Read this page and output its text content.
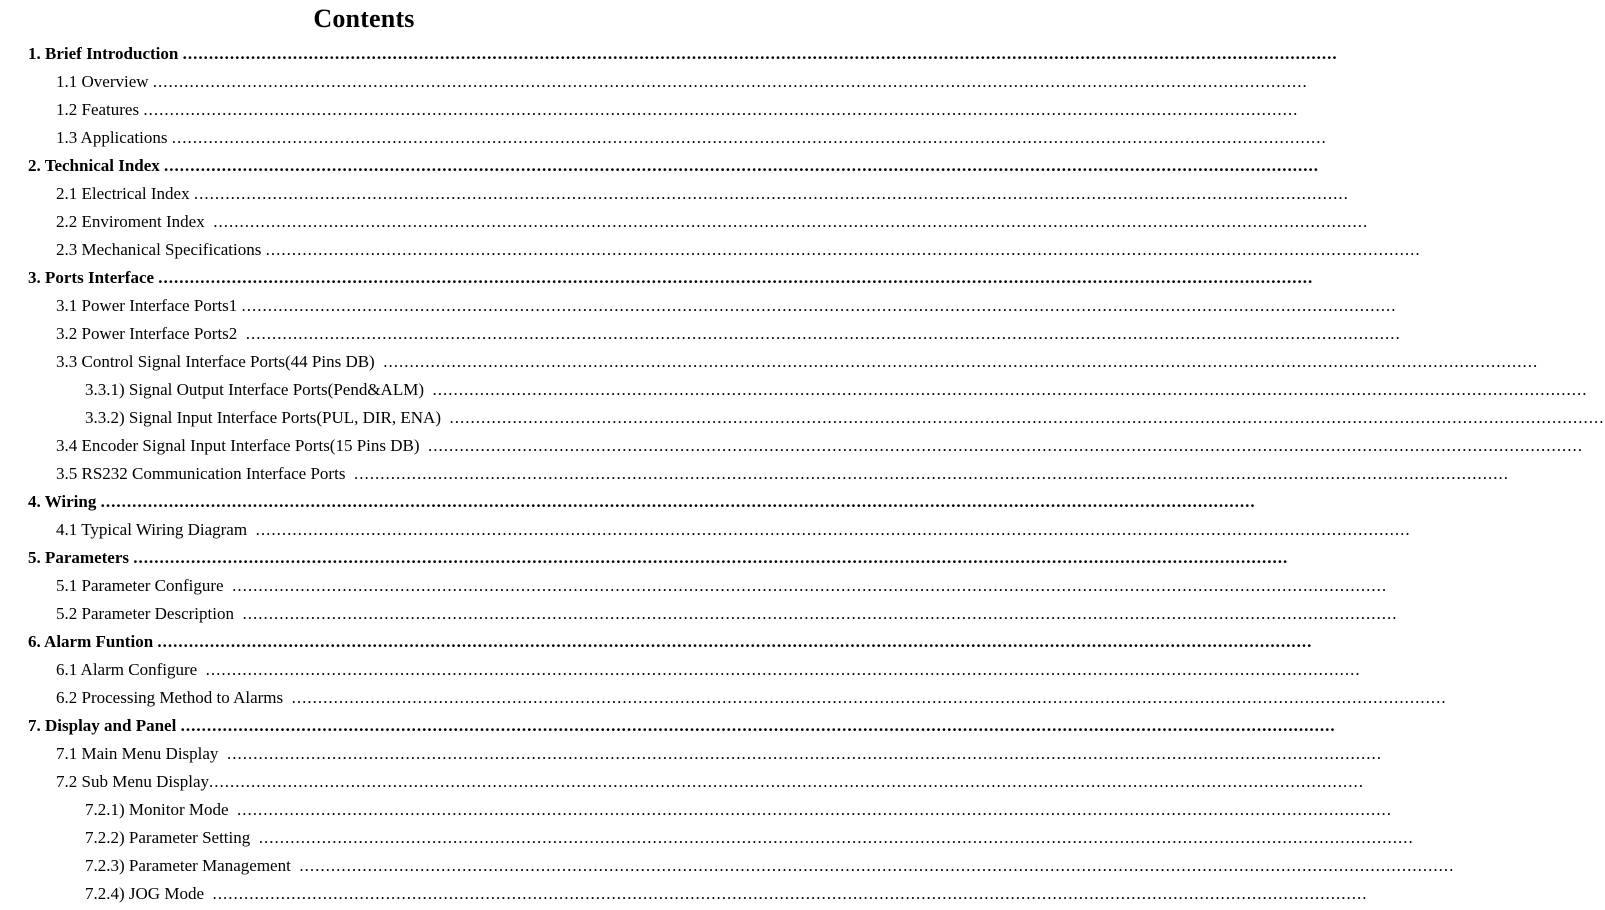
Contents
1. Brief Introduction ............................................................................................................................................................................................................................
1.1 Overview ............................................................................................................................................................................................................................
1.2 Features ............................................................................................................................................................................................................................
1.3 Applications ............................................................................................................................................................................................................................
2. Technical Index ............................................................................................................................................................................................................................
2.1 Electrical Index ............................................................................................................................................................................................................................
2.2 Enviroment Index  ............................................................................................................................................................................................................................
2.3 Mechanical Specifications ............................................................................................................................................................................................................................
3. Ports Interface ............................................................................................................................................................................................................................
3.1 Power Interface Ports1 ............................................................................................................................................................................................................................
3.2 Power Interface Ports2  ............................................................................................................................................................................................................................
3.3 Control Signal Interface Ports(44 Pins DB)  ............................................................................................................................................................................................................................
3.3.1) Signal Output Interface Ports(Pend&ALM)  ............................................................................................................................................................................................................................
3.3.2) Signal Input Interface Ports(PUL, DIR, ENA)  ............................................................................................................................................................................................................................
3.4 Encoder Signal Input Interface Ports(15 Pins DB)  ............................................................................................................................................................................................................................
3.5 RS232 Communication Interface Ports  ............................................................................................................................................................................................................................
4. Wiring ............................................................................................................................................................................................................................
4.1 Typical Wiring Diagram  ............................................................................................................................................................................................................................
5. Parameters ............................................................................................................................................................................................................................
5.1 Parameter Configure  ............................................................................................................................................................................................................................
5.2 Parameter Description  ............................................................................................................................................................................................................................
6. Alarm Funtion ............................................................................................................................................................................................................................
6.1 Alarm Configure  ............................................................................................................................................................................................................................
6.2 Processing Method to Alarms  ............................................................................................................................................................................................................................
7. Display and Panel ............................................................................................................................................................................................................................
7.1 Main Menu Display  ............................................................................................................................................................................................................................
7.2 Sub Menu Display............................................................................................................................................................................................................................
7.2.1) Monitor Mode  ............................................................................................................................................................................................................................
7.2.2) Parameter Setting  ............................................................................................................................................................................................................................
7.2.3) Parameter Management  ............................................................................................................................................................................................................................
7.2.4) JOG Mode  ............................................................................................................................................................................................................................
